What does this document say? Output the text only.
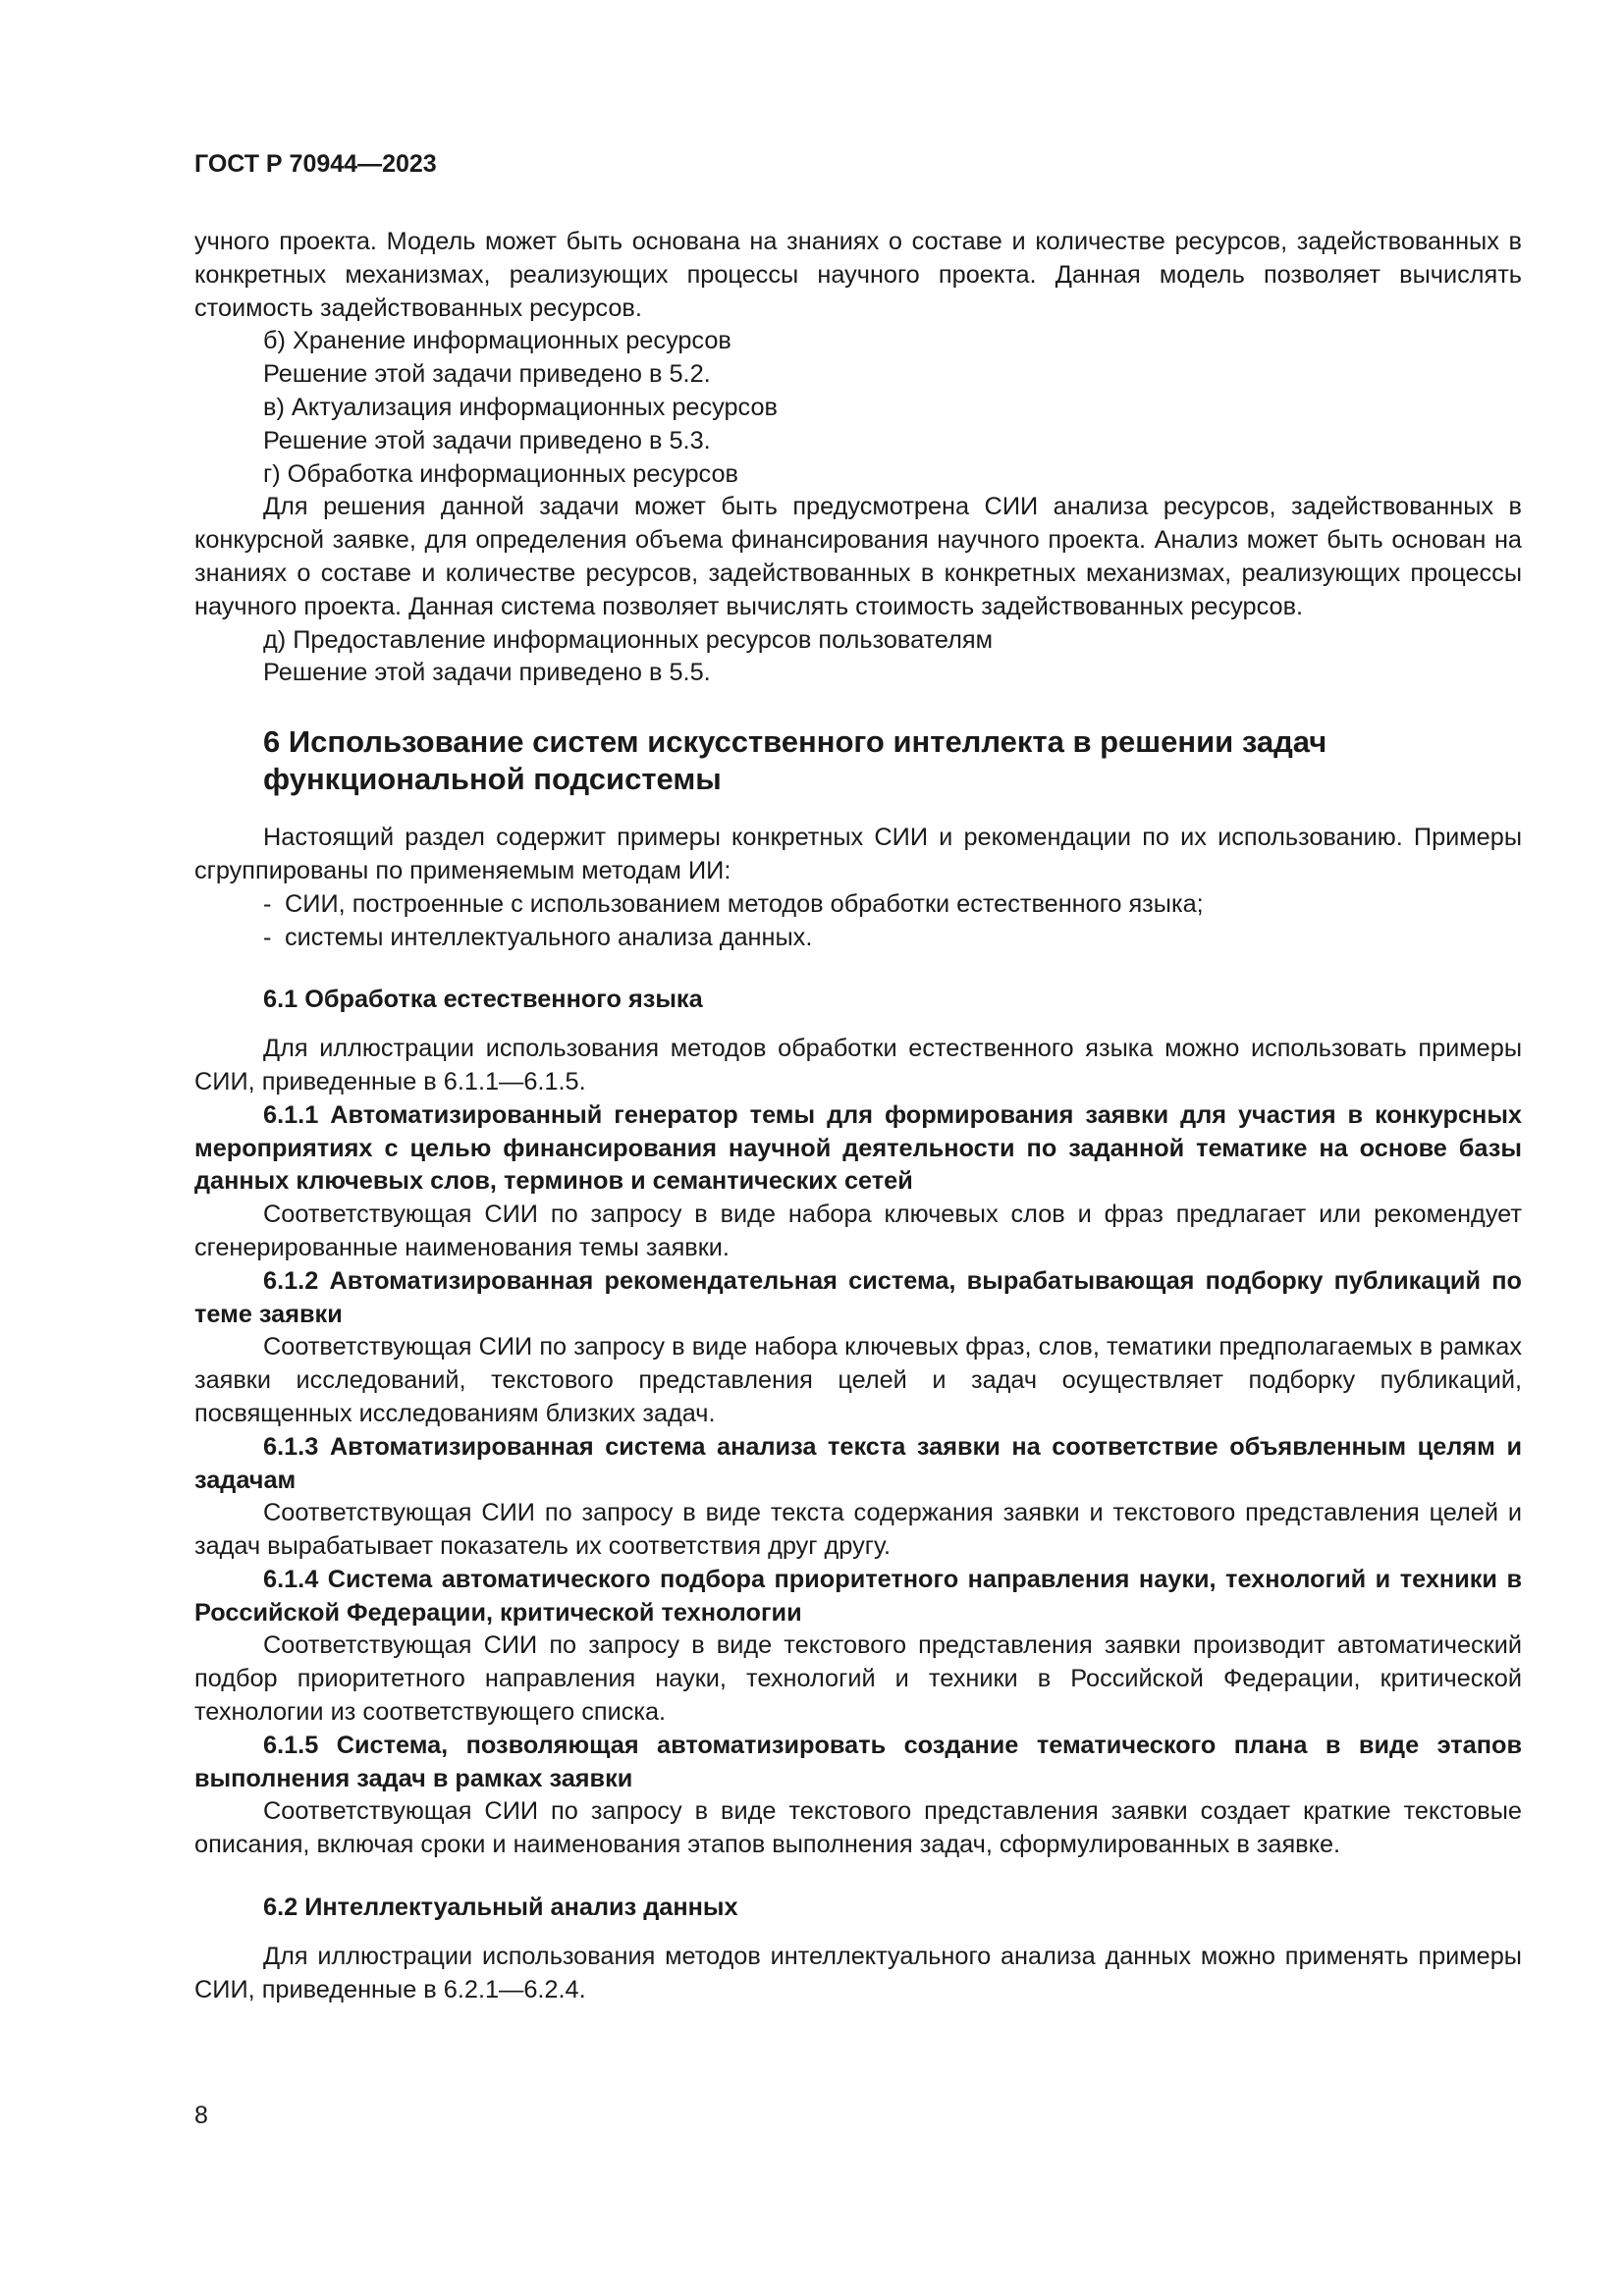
ГОСТ Р 70944—2023

учного проекта. Модель может быть основана на знаниях о составе и количестве ресурсов, задействованных в конкретных механизмах, реализующих процессы научного проекта. Данная модель позволяет вычислять стоимость задействованных ресурсов.

б) Хранение информационных ресурсов

Решение этой задачи приведено в 5.2.

в) Актуализация информационных ресурсов

Решение этой задачи приведено в 5.3.

г) Обработка информационных ресурсов

Для решения данной задачи может быть предусмотрена СИИ анализа ресурсов, задействованных в конкурсной заявке, для определения объема финансирования научного проекта. Анализ может быть основан на знаниях о составе и количестве ресурсов, задействованных в конкретных механизмах, реализующих процессы научного проекта. Данная система позволяет вычислять стоимость задействованных ресурсов.

д) Предоставление информационных ресурсов пользователям

Решение этой задачи приведено в 5.5.

6 Использование систем искусственного интеллекта в решении задач функциональной подсистемы

Настоящий раздел содержит примеры конкретных СИИ и рекомендации по их использованию. Примеры сгруппированы по применяемым методам ИИ:

- СИИ, построенные с использованием методов обработки естественного языка;

- системы интеллектуального анализа данных.

6.1 Обработка естественного языка

Для иллюстрации использования методов обработки естественного языка можно использовать примеры СИИ, приведенные в 6.1.1—6.1.5.

6.1.1 Автоматизированный генератор темы для формирования заявки для участия в конкурсных мероприятиях с целью финансирования научной деятельности по заданной тематике на основе базы данных ключевых слов, терминов и семантических сетей

Соответствующая СИИ по запросу в виде набора ключевых слов и фраз предлагает или рекомендует сгенерированные наименования темы заявки.

6.1.2 Автоматизированная рекомендательная система, вырабатывающая подборку публикаций по теме заявки

Соответствующая СИИ по запросу в виде набора ключевых фраз, слов, тематики предполагаемых в рамках заявки исследований, текстового представления целей и задач осуществляет подборку публикаций, посвященных исследованиям близких задач.

6.1.3 Автоматизированная система анализа текста заявки на соответствие объявленным целям и задачам

Соответствующая СИИ по запросу в виде текста содержания заявки и текстового представления целей и задач вырабатывает показатель их соответствия друг другу.

6.1.4 Система автоматического подбора приоритетного направления науки, технологий и техники в Российской Федерации, критической технологии

Соответствующая СИИ по запросу в виде текстового представления заявки производит автоматический подбор приоритетного направления науки, технологий и техники в Российской Федерации, критической технологии из соответствующего списка.

6.1.5 Система, позволяющая автоматизировать создание тематического плана в виде этапов выполнения задач в рамках заявки

Соответствующая СИИ по запросу в виде текстового представления заявки создает краткие текстовые описания, включая сроки и наименования этапов выполнения задач, сформулированных в заявке.

6.2 Интеллектуальный анализ данных

Для иллюстрации использования методов интеллектуального анализа данных можно применять примеры СИИ, приведенные в 6.2.1—6.2.4.

8
